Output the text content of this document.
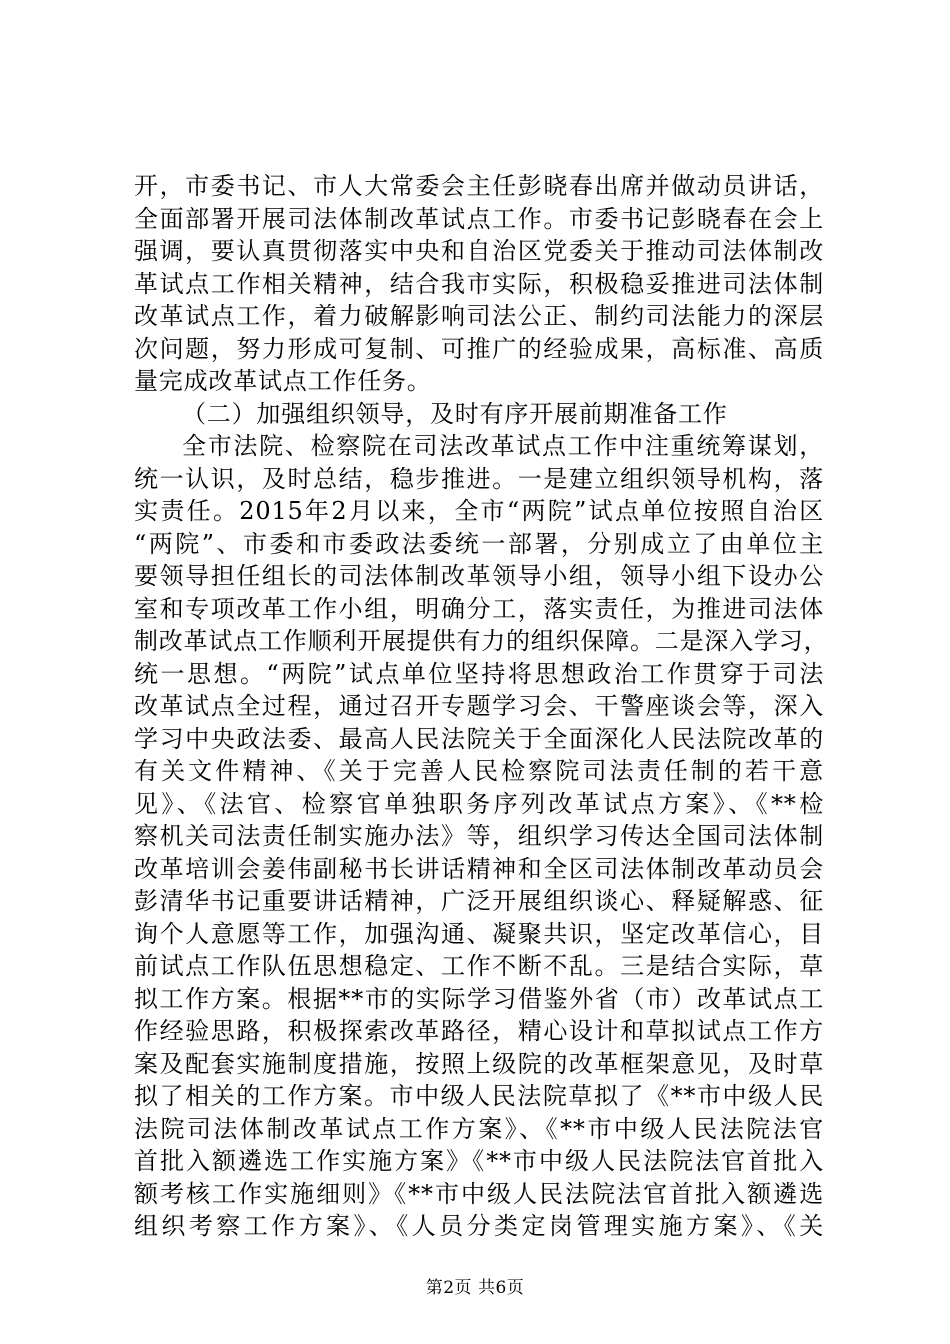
开，市委书记、市人大常委会主任彭晓春出席并做动员讲话，
全面部署开展司法体制改革试点工作。市委书记彭晓春在会上
强调，要认真贯彻落实中央和自治区党委关于推动司法体制改
革试点工作相关精神，结合我市实际，积极稳妥推进司法体制
改革试点工作，着力破解影响司法公正、制约司法能力的深层
次问题，努力形成可复制、可推广的经验成果，高标准、高质
量完成改革试点工作任务。
（二）加强组织领导，及时有序开展前期准备工作
全市法院、检察院在司法改革试点工作中注重统筹谋划，
统一认识，及时总结，稳步推进。一是建立组织领导机构，落
实责任。2015年2月以来，全市“两院”试点单位按照自治区
“两院”、市委和市委政法委统一部署，分别成立了由单位主
要领导担任组长的司法体制改革领导小组，领导小组下设办公
室和专项改革工作小组，明确分工，落实责任，为推进司法体
制改革试点工作顺利开展提供有力的组织保障。二是深入学习，
统一思想。“两院”试点单位坚持将思想政治工作贯穿于司法
改革试点全过程，通过召开专题学习会、干警座谈会等，深入
学习中央政法委、最高人民法院关于全面深化人民法院改革的
有关文件精神、《关于完善人民检察院司法责任制的若干意
见》、《法官、检察官单独职务序列改革试点方案》、《**检
察机关司法责任制实施办法》等，组织学习传达全国司法体制
改革培训会姜伟副秘书长讲话精神和全区司法体制改革动员会
彭清华书记重要讲话精神，广泛开展组织谈心、释疑解惑、征
询个人意愿等工作，加强沟通、凝聚共识，坚定改革信心，目
前试点工作队伍思想稳定、工作不断不乱。三是结合实际，草
拟工作方案。根据**市的实际学习借鉴外省（市）改革试点工
作经验思路，积极探索改革路径，精心设计和草拟试点工作方
案及配套实施制度措施，按照上级院的改革框架意见，及时草
拟了相关的工作方案。市中级人民法院草拟了《**市中级人民
法院司法体制改革试点工作方案》、《**市中级人民法院法官
首批入额遴选工作实施方案》《**市中级人民法院法官首批入
额考核工作实施细则》《**市中级人民法院法官首批入额遴选
组织考察工作方案》、《人员分类定岗管理实施方案》、《关
第2页 共6页
